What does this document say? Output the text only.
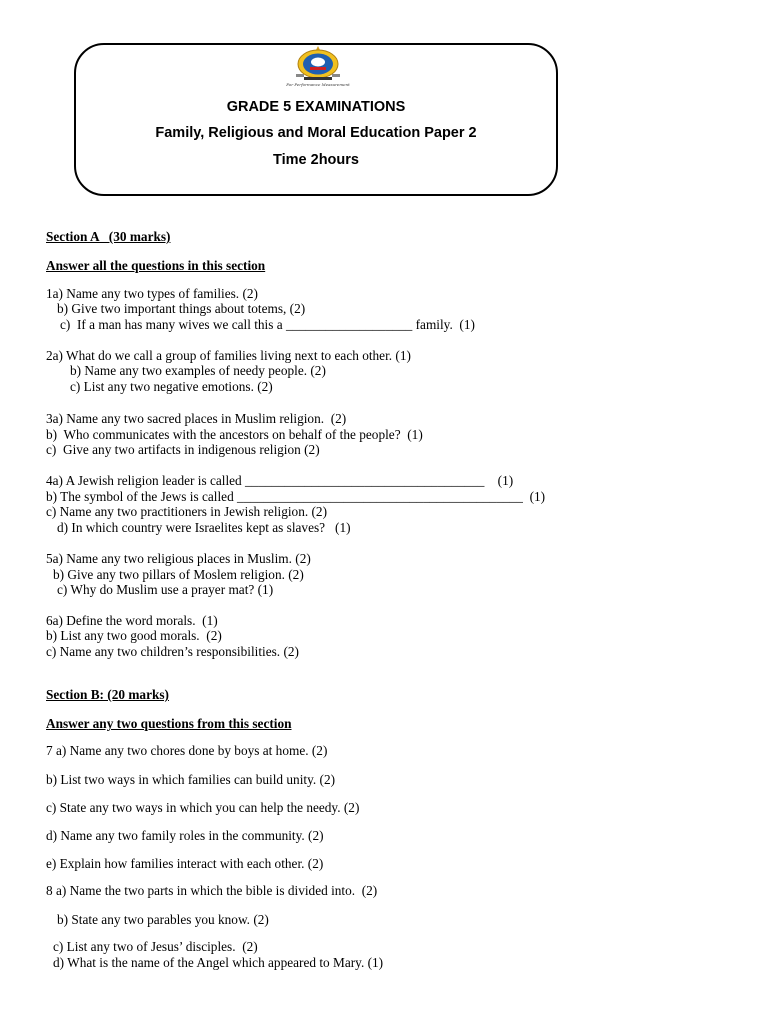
For Performance Measurement
GRADE 5 EXAMINATIONS
Family, Religious and Moral Education Paper 2
Time 2hours
Section A   (30 marks)
Answer all the questions in this section
1a) Name any two types of families. (2)
b) Give two important things about totems, (2)
c)  If a man has many wives we call this a ___________________ family.  (1)
2a) What do we call a group of families living next to each other. (1)
b) Name any two examples of needy people. (2)
c) List any two negative emotions. (2)
3a) Name any two sacred places in Muslim religion.  (2)
b)  Who communicates with the ancestors on behalf of the people?  (1)
c)  Give any two artifacts in indigenous religion (2)
4a) A Jewish religion leader is called ____________________________________    (1)
b) The symbol of the Jews is called ___________________________________________  (1)
c) Name any two practitioners in Jewish religion. (2)
d) In which country were Israelites kept as slaves?   (1)
5a) Name any two religious places in Muslim. (2)
b) Give any two pillars of Moslem religion. (2)
c) Why do Muslim use a prayer mat? (1)
6a) Define the word morals.  (1)
b) List any two good morals.  (2)
c) Name any two children’s responsibilities. (2)
Section B: (20 marks)
Answer any two questions from this section
7 a) Name any two chores done by boys at home. (2)
b) List two ways in which families can build unity. (2)
c) State any two ways in which you can help the needy. (2)
d) Name any two family roles in the community. (2)
e) Explain how families interact with each other. (2)
8 a) Name the two parts in which the bible is divided into.  (2)
b) State any two parables you know. (2)
c) List any two of Jesus’ disciples.  (2)
d) What is the name of the Angel which appeared to Mary. (1)
